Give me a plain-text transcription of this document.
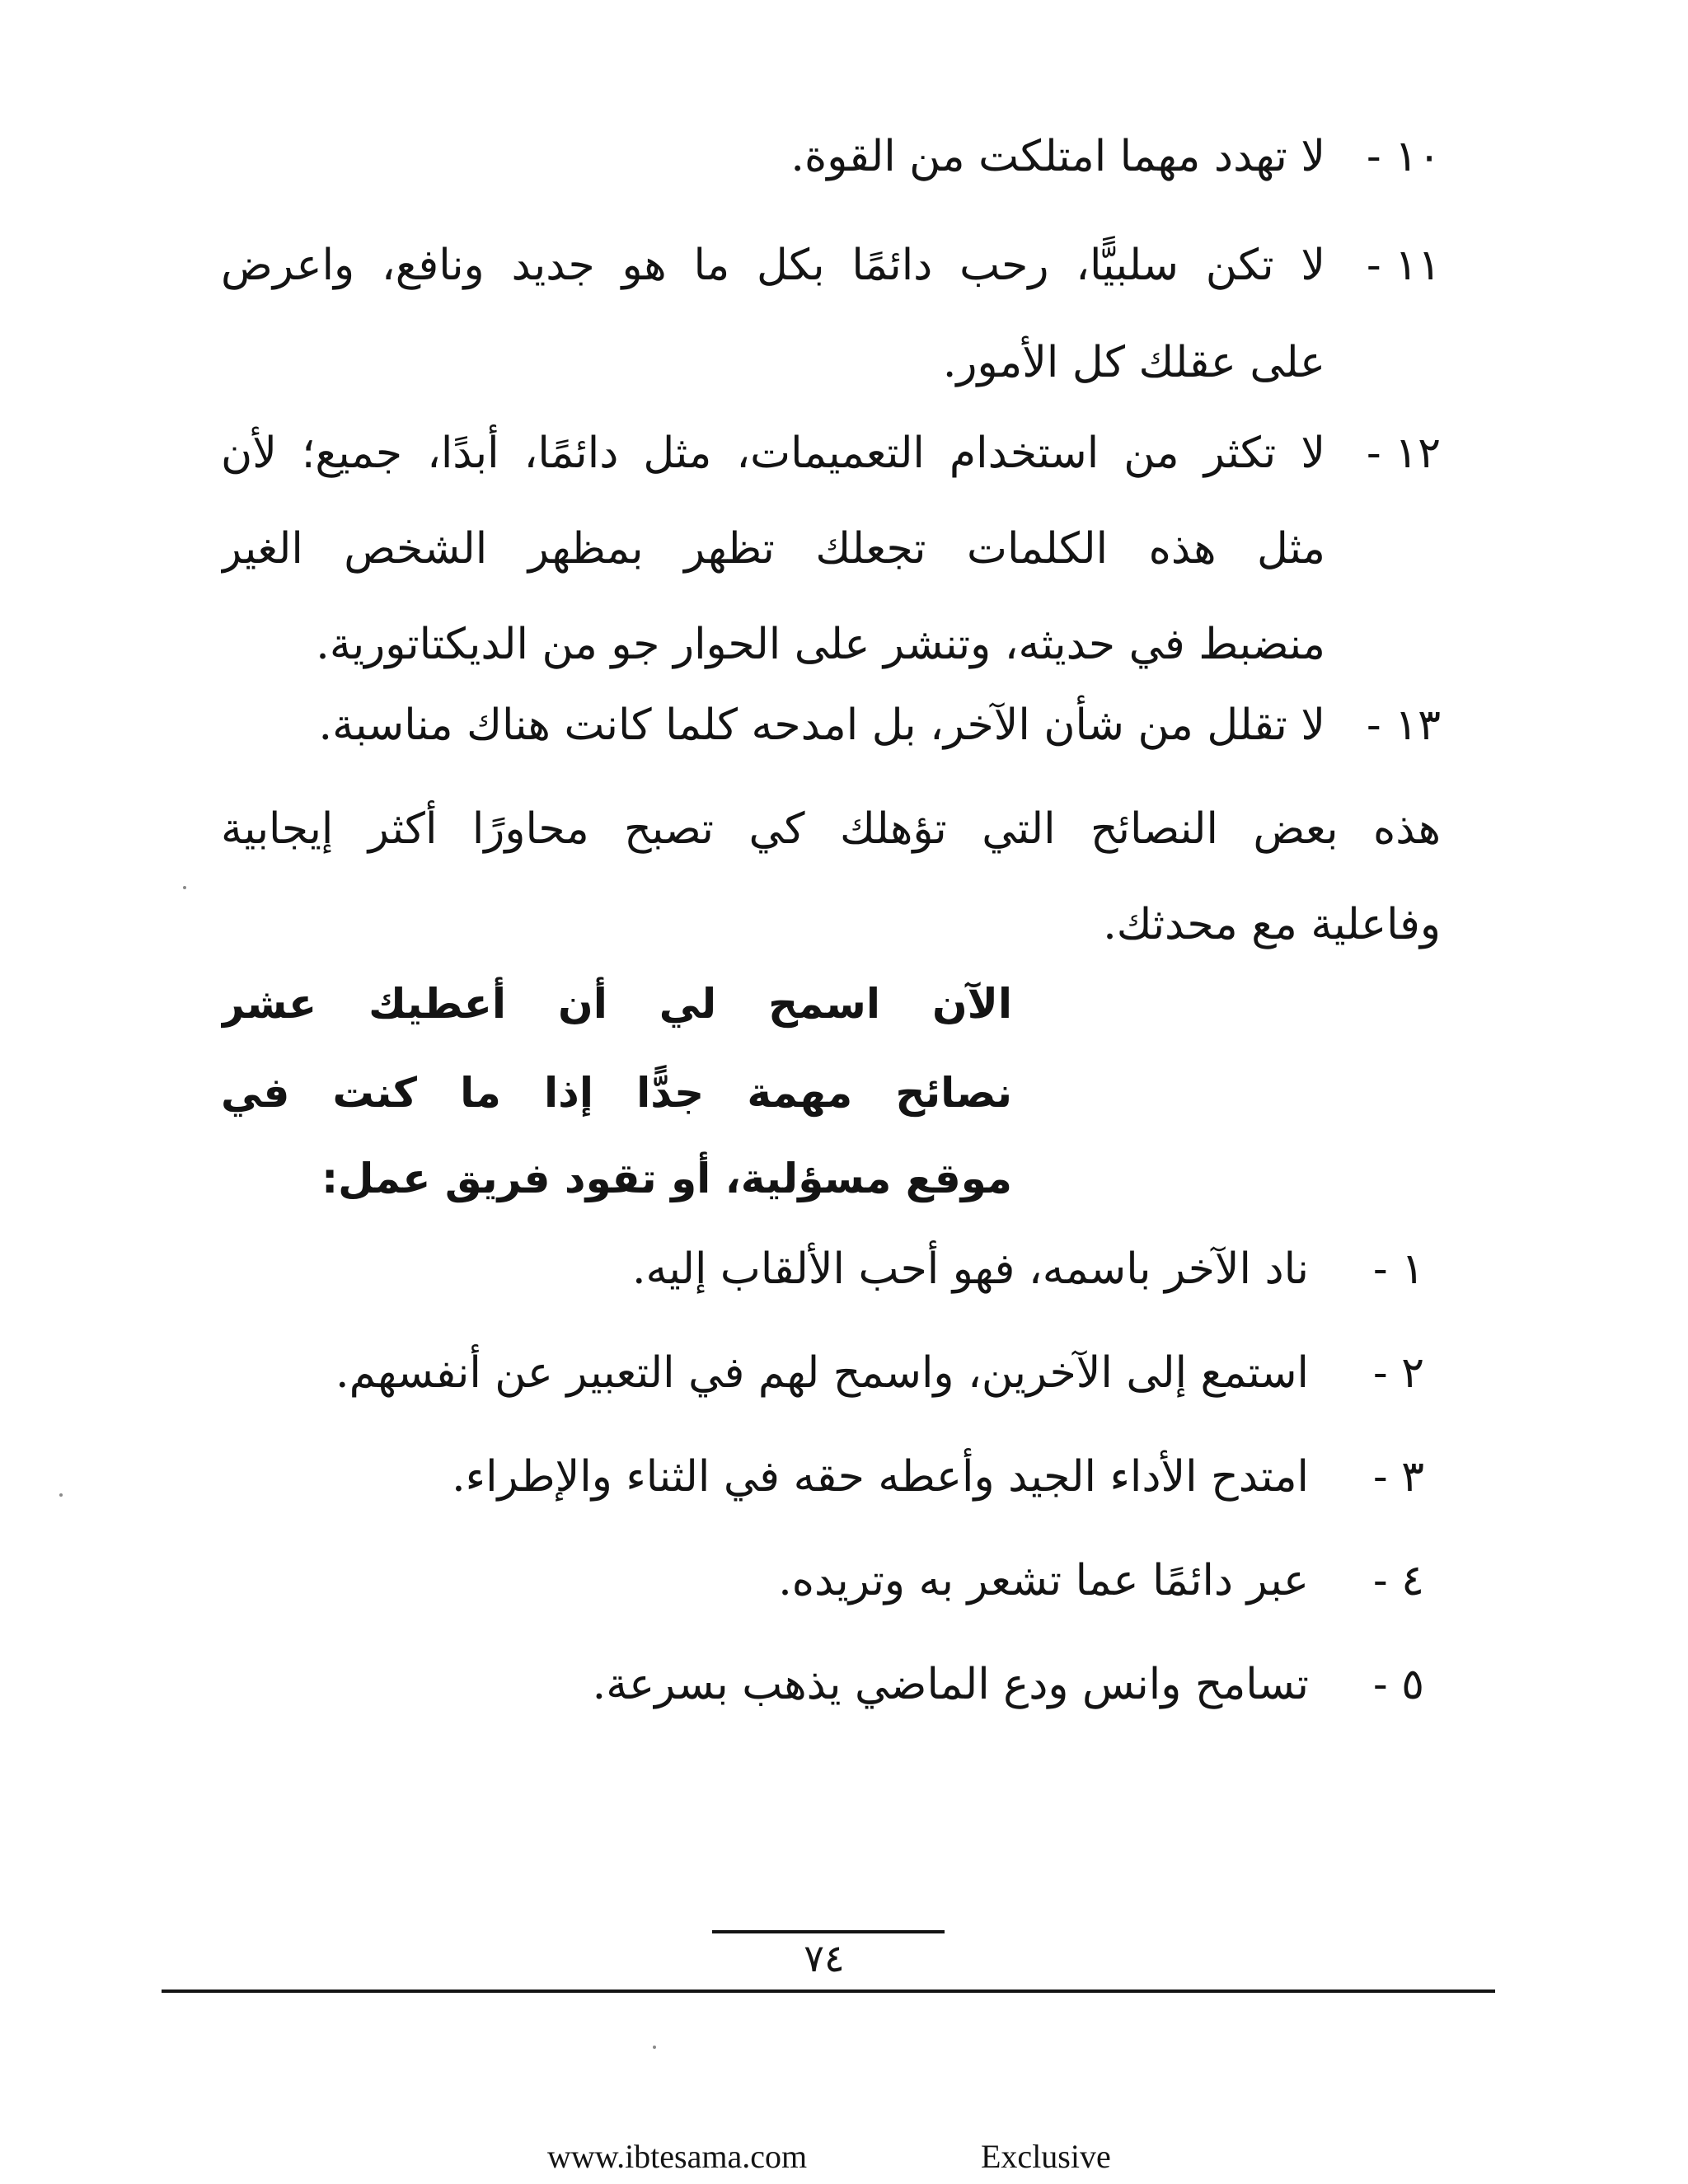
١٠ -
لا تهدد مهما امتلكت من القوة.
١١ -
لا تكن سلبيًّا، رحب دائمًا بكل ما هو جديد ونافع، واعرض
على عقلك كل الأمور.
١٢ -
لا تكثر من استخدام التعميمات، مثل دائمًا، أبدًا، جميع؛ لأن
مثل هذه الكلمات تجعلك تظهر بمظهر الشخص الغير
منضبط في حديثه، وتنشر على الحوار جو من الديكتاتورية.
١٣ -
لا تقلل من شأن الآخر، بل امدحه كلما كانت هناك مناسبة.
هذه بعض النصائح التي تؤهلك كي تصبح محاورًا أكثر إيجابية
وفاعلية مع محدثك.
الآن اسمح لي أن أعطيك عشر
نصائح مهمة جدًّا إذا ما كنت في
موقع مسؤلية، أو تقود فريق عمل:
١ -ناد الآخر باسمه، فهو أحب الألقاب إليه.
٢ -استمع إلى الآخرين، واسمح لهم في التعبير عن أنفسهم.
٣ -امتدح الأداء الجيد وأعطه حقه في الثناء والإطراء.
٤ -عبر دائمًا عما تشعر به وتريده.
٥ -تسامح وانس ودع الماضي يذهب بسرعة.
٧٤
www.ibtesama.com	Exclusive
